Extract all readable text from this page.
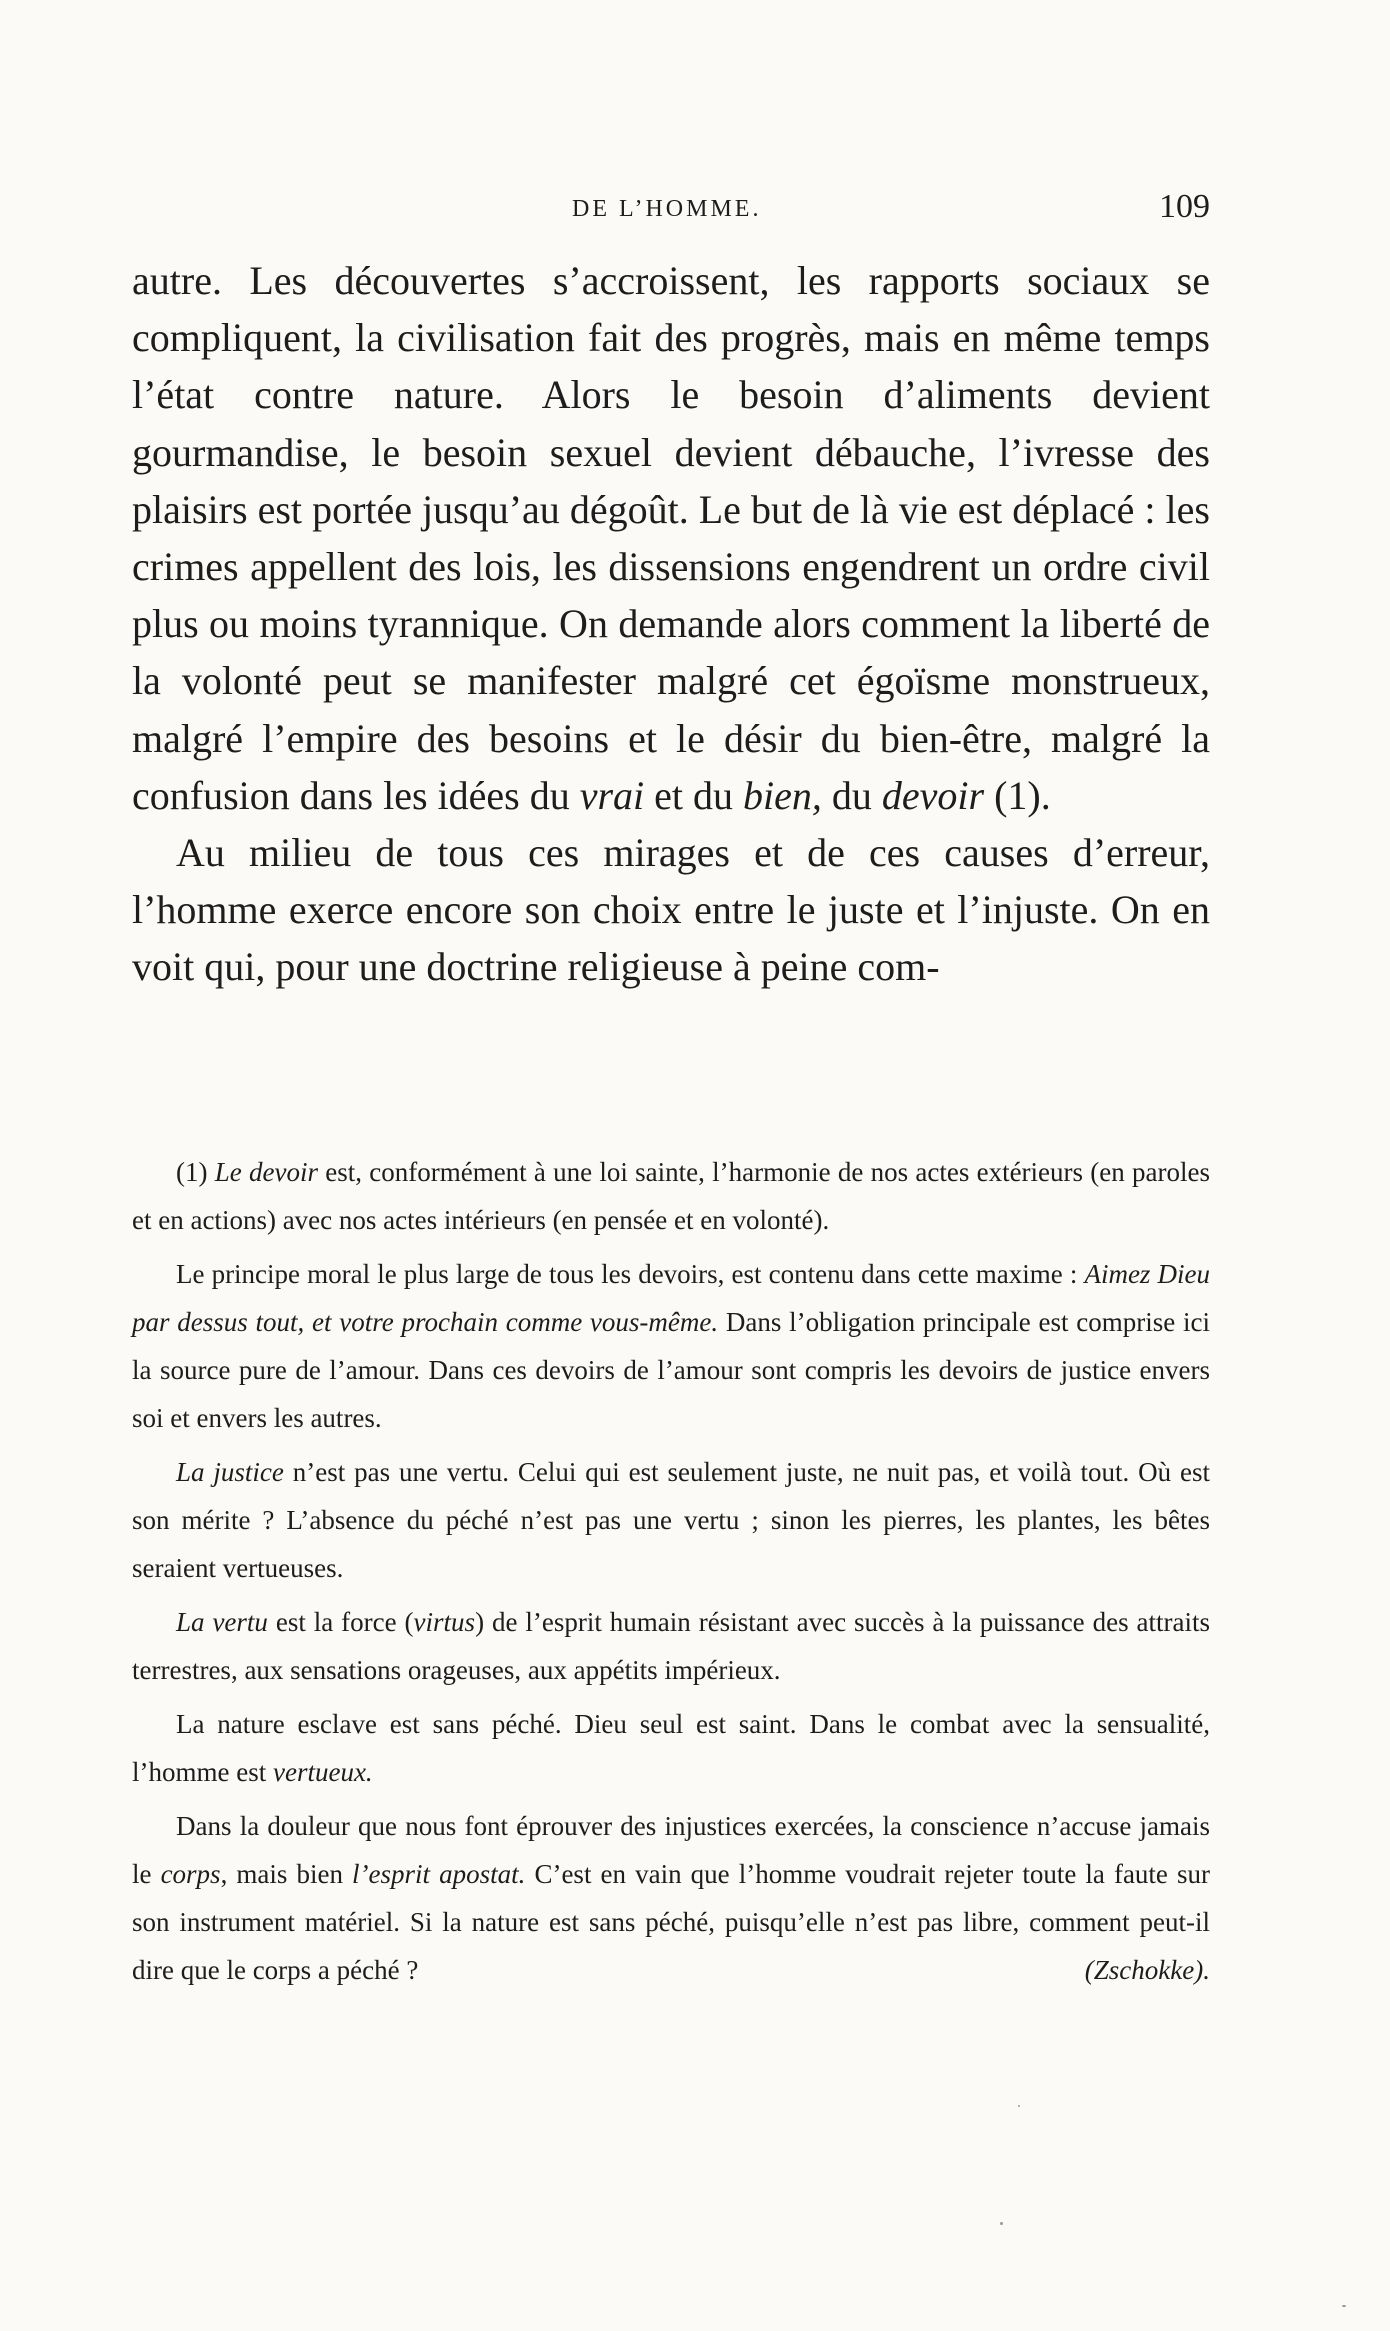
DE L’HOMME.	109

autre. Les découvertes s’accroissent, les rapports sociaux se compliquent, la civilisation fait des progrès, mais en même temps l’état contre nature. Alors le besoin d’aliments devient gourmandise, le besoin sexuel devient débauche, l’ivresse des plaisirs est portée jusqu’au dégoût. Le but de là vie est déplacé : les crimes appellent des lois, les dissensions engendrent un ordre civil plus ou moins tyrannique. On demande alors comment la liberté de la volonté peut se manifester malgré cet égoïsme monstrueux, malgré l’empire des besoins et le désir du bien-être, malgré la confusion dans les idées du vrai et du bien, du devoir (1).

Au milieu de tous ces mirages et de ces causes d’erreur, l’homme exerce encore son choix entre le juste et l’injuste. On en voit qui, pour une doctrine religieuse à peine com-

(1) Le devoir est, conformément à une loi sainte, l’harmonie de nos actes extérieurs (en paroles et en actions) avec nos actes intérieurs (en pensée et en volonté).

Le principe moral le plus large de tous les devoirs, est contenu dans cette maxime : Aimez Dieu par dessus tout, et votre prochain comme vous-même. Dans l’obligation principale est comprise ici la source pure de l’amour. Dans ces devoirs de l’amour sont compris les devoirs de justice envers soi et envers les autres.

La justice n’est pas une vertu. Celui qui est seulement juste, ne nuit pas, et voilà tout. Où est son mérite ? L’absence du péché n’est pas une vertu ; sinon les pierres, les plantes, les bêtes seraient vertueuses.

La vertu est la force (virtus) de l’esprit humain résistant avec succès à la puissance des attraits terrestres, aux sensations orageuses, aux appétits impérieux.

La nature esclave est sans péché. Dieu seul est saint. Dans le combat avec la sensualité, l’homme est vertueux.

Dans la douleur que nous font éprouver des injustices exercées, la conscience n’accuse jamais le corps, mais bien l’esprit apostat. C’est en vain que l’homme voudrait rejeter toute la faute sur son instrument matériel. Si la nature est sans péché, puisqu’elle n’est pas libre, comment peut-il dire que le corps a péché ?	(Zschokke).
